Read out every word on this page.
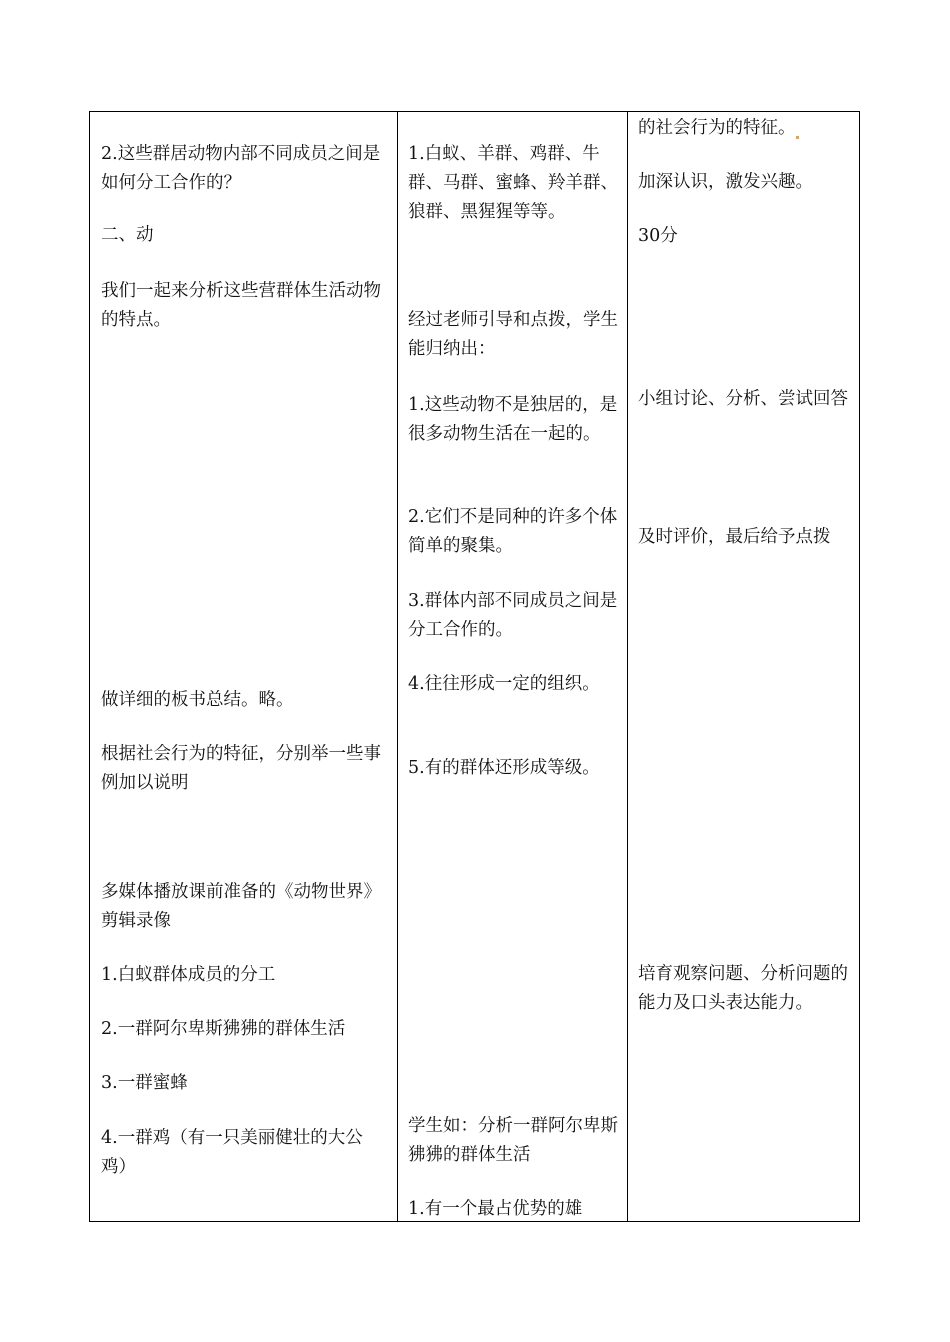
2.这些群居动物内部不同成员之间是如何分工合作的？

二、动

我们一起来分析这些营群体生活动物的特点。

做详细的板书总结。略。

根据社会行为的特征，分别举一些事例加以说明

多媒体播放课前准备的《动物世界》剪辑录像

1.白蚁群体成员的分工

2.一群阿尔卑斯狒狒的群体生活

3.一群蜜蜂

4.一群鸡（有一只美丽健壮的大公鸡）

1.白蚁、羊群、鸡群、牛群、马群、蜜蜂、羚羊群、狼群、黑猩猩等等。

经过老师引导和点拨，学生能归纳出：

1.这些动物不是独居的，是很多动物生活在一起的。

2.它们不是同种的许多个体简单的聚集。

3.群体内部不同成员之间是分工合作的。

4.往往形成一定的组织。

5.有的群体还形成等级。

学生如：分析一群阿尔卑斯狒狒的群体生活

1.有一个最占优势的雄

的社会行为的特征。

加深认识，激发兴趣。

30分

小组讨论、分析、尝试回答

及时评价，最后给予点拨

培育观察问题、分析问题的能力及口头表达能力。
